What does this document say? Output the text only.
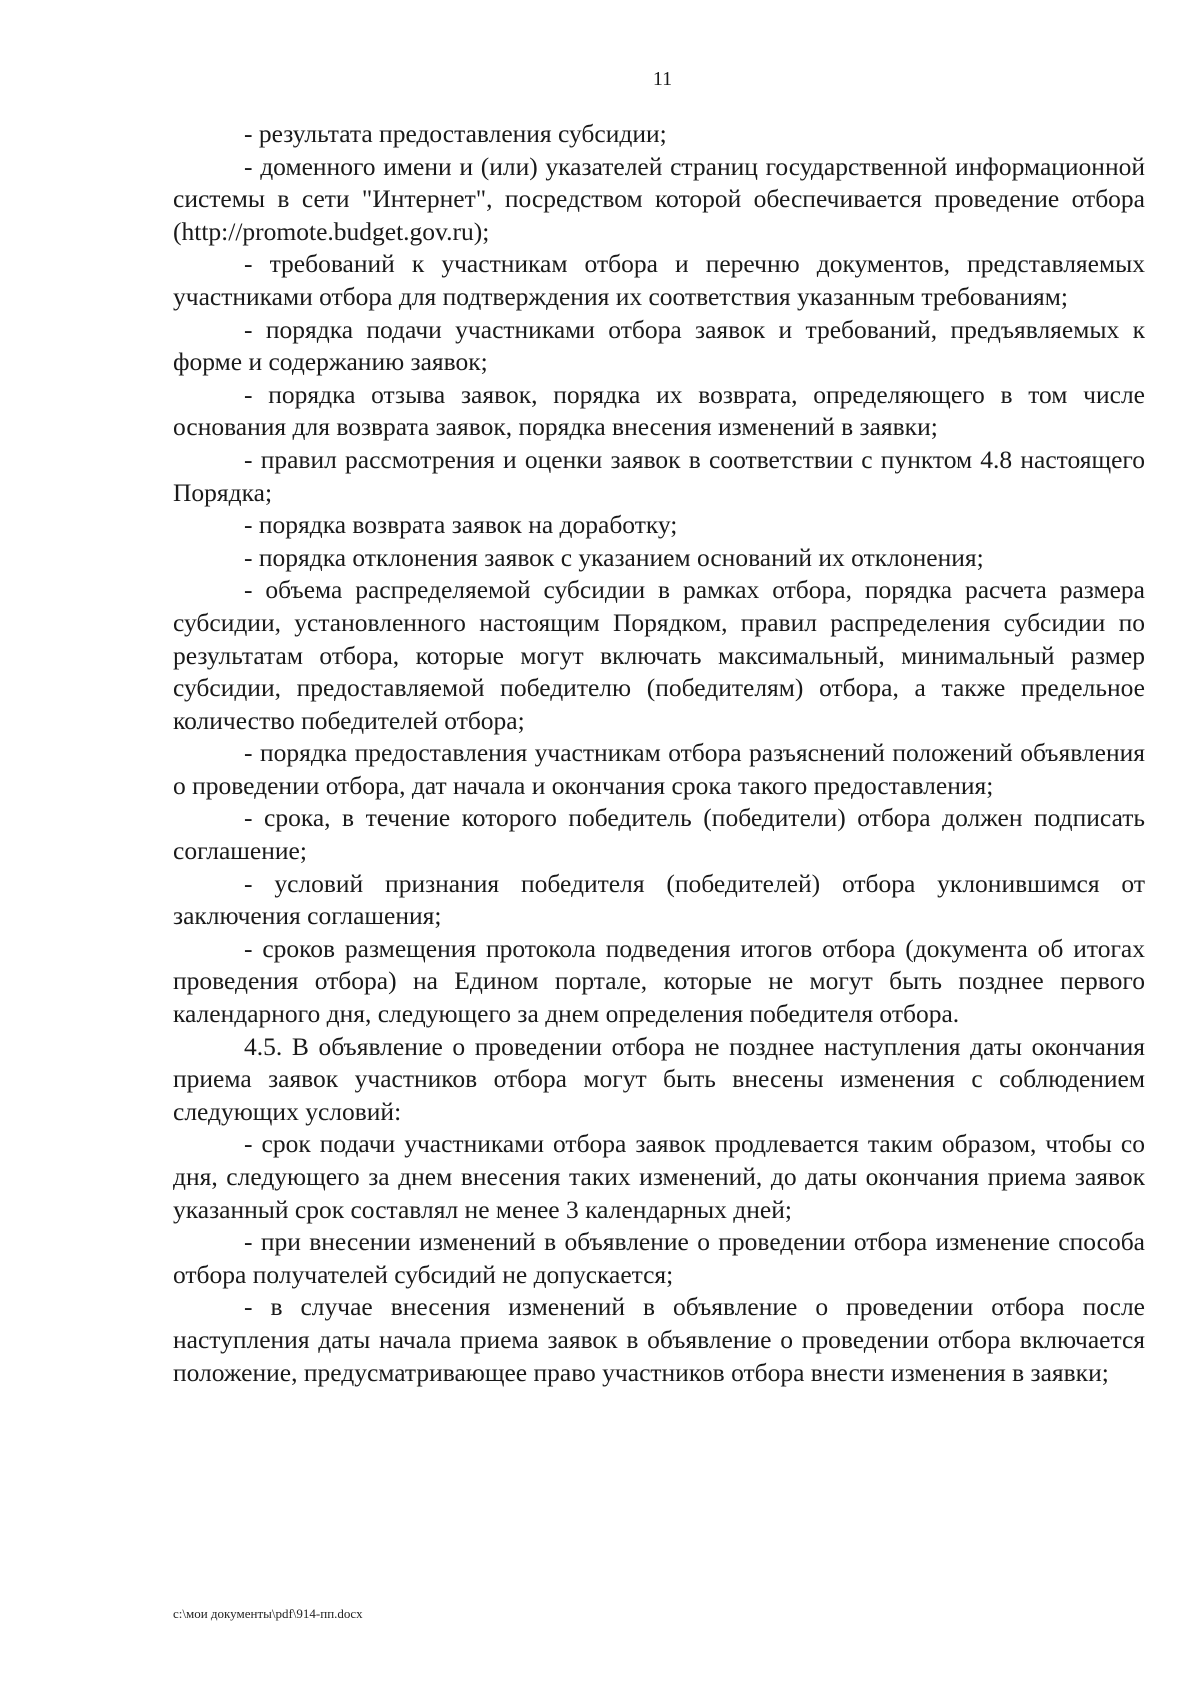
11

- результата предоставления субсидии;

- доменного имени и (или) указателей страниц государственной информационной системы в сети "Интернет", посредством которой обеспечивается проведение отбора (http://promote.budget.gov.ru);

- требований к участникам отбора и перечню документов, представляемых участниками отбора для подтверждения их соответствия указанным требованиям;

- порядка подачи участниками отбора заявок и требований, предъявляемых к форме и содержанию заявок;

- порядка отзыва заявок, порядка их возврата, определяющего в том числе основания для возврата заявок, порядка внесения изменений в заявки;

- правил рассмотрения и оценки заявок в соответствии с пунктом 4.8 настоящего Порядка;

- порядка возврата заявок на доработку;

- порядка отклонения заявок с указанием оснований их отклонения;

- объема распределяемой субсидии в рамках отбора, порядка расчета размера субсидии, установленного настоящим Порядком, правил распределения субсидии по результатам отбора, которые могут включать максимальный, минимальный размер субсидии, предоставляемой победителю (победителям) отбора, а также предельное количество победителей отбора;

- порядка предоставления участникам отбора разъяснений положений объявления о проведении отбора, дат начала и окончания срока такого предоставления;

- срока, в течение которого победитель (победители) отбора должен подписать соглашение;

- условий признания победителя (победителей) отбора уклонившимся от заключения соглашения;

- сроков размещения протокола подведения итогов отбора (документа об итогах проведения отбора) на Едином портале, которые не могут быть позднее первого календарного дня, следующего за днем определения победителя отбора.

4.5. В объявление о проведении отбора не позднее наступления даты окончания приема заявок участников отбора могут быть внесены изменения с соблюдением следующих условий:

- срок подачи участниками отбора заявок продлевается таким образом, чтобы со дня, следующего за днем внесения таких изменений, до даты окончания приема заявок указанный срок составлял не менее 3 календарных дней;

- при внесении изменений в объявление о проведении отбора изменение способа отбора получателей субсидий не допускается;

- в случае внесения изменений в объявление о проведении отбора после наступления даты начала приема заявок в объявление о проведении отбора включается положение, предусматривающее право участников отбора внести изменения в заявки;

c:\мои документы\pdf\914-пп.docx
